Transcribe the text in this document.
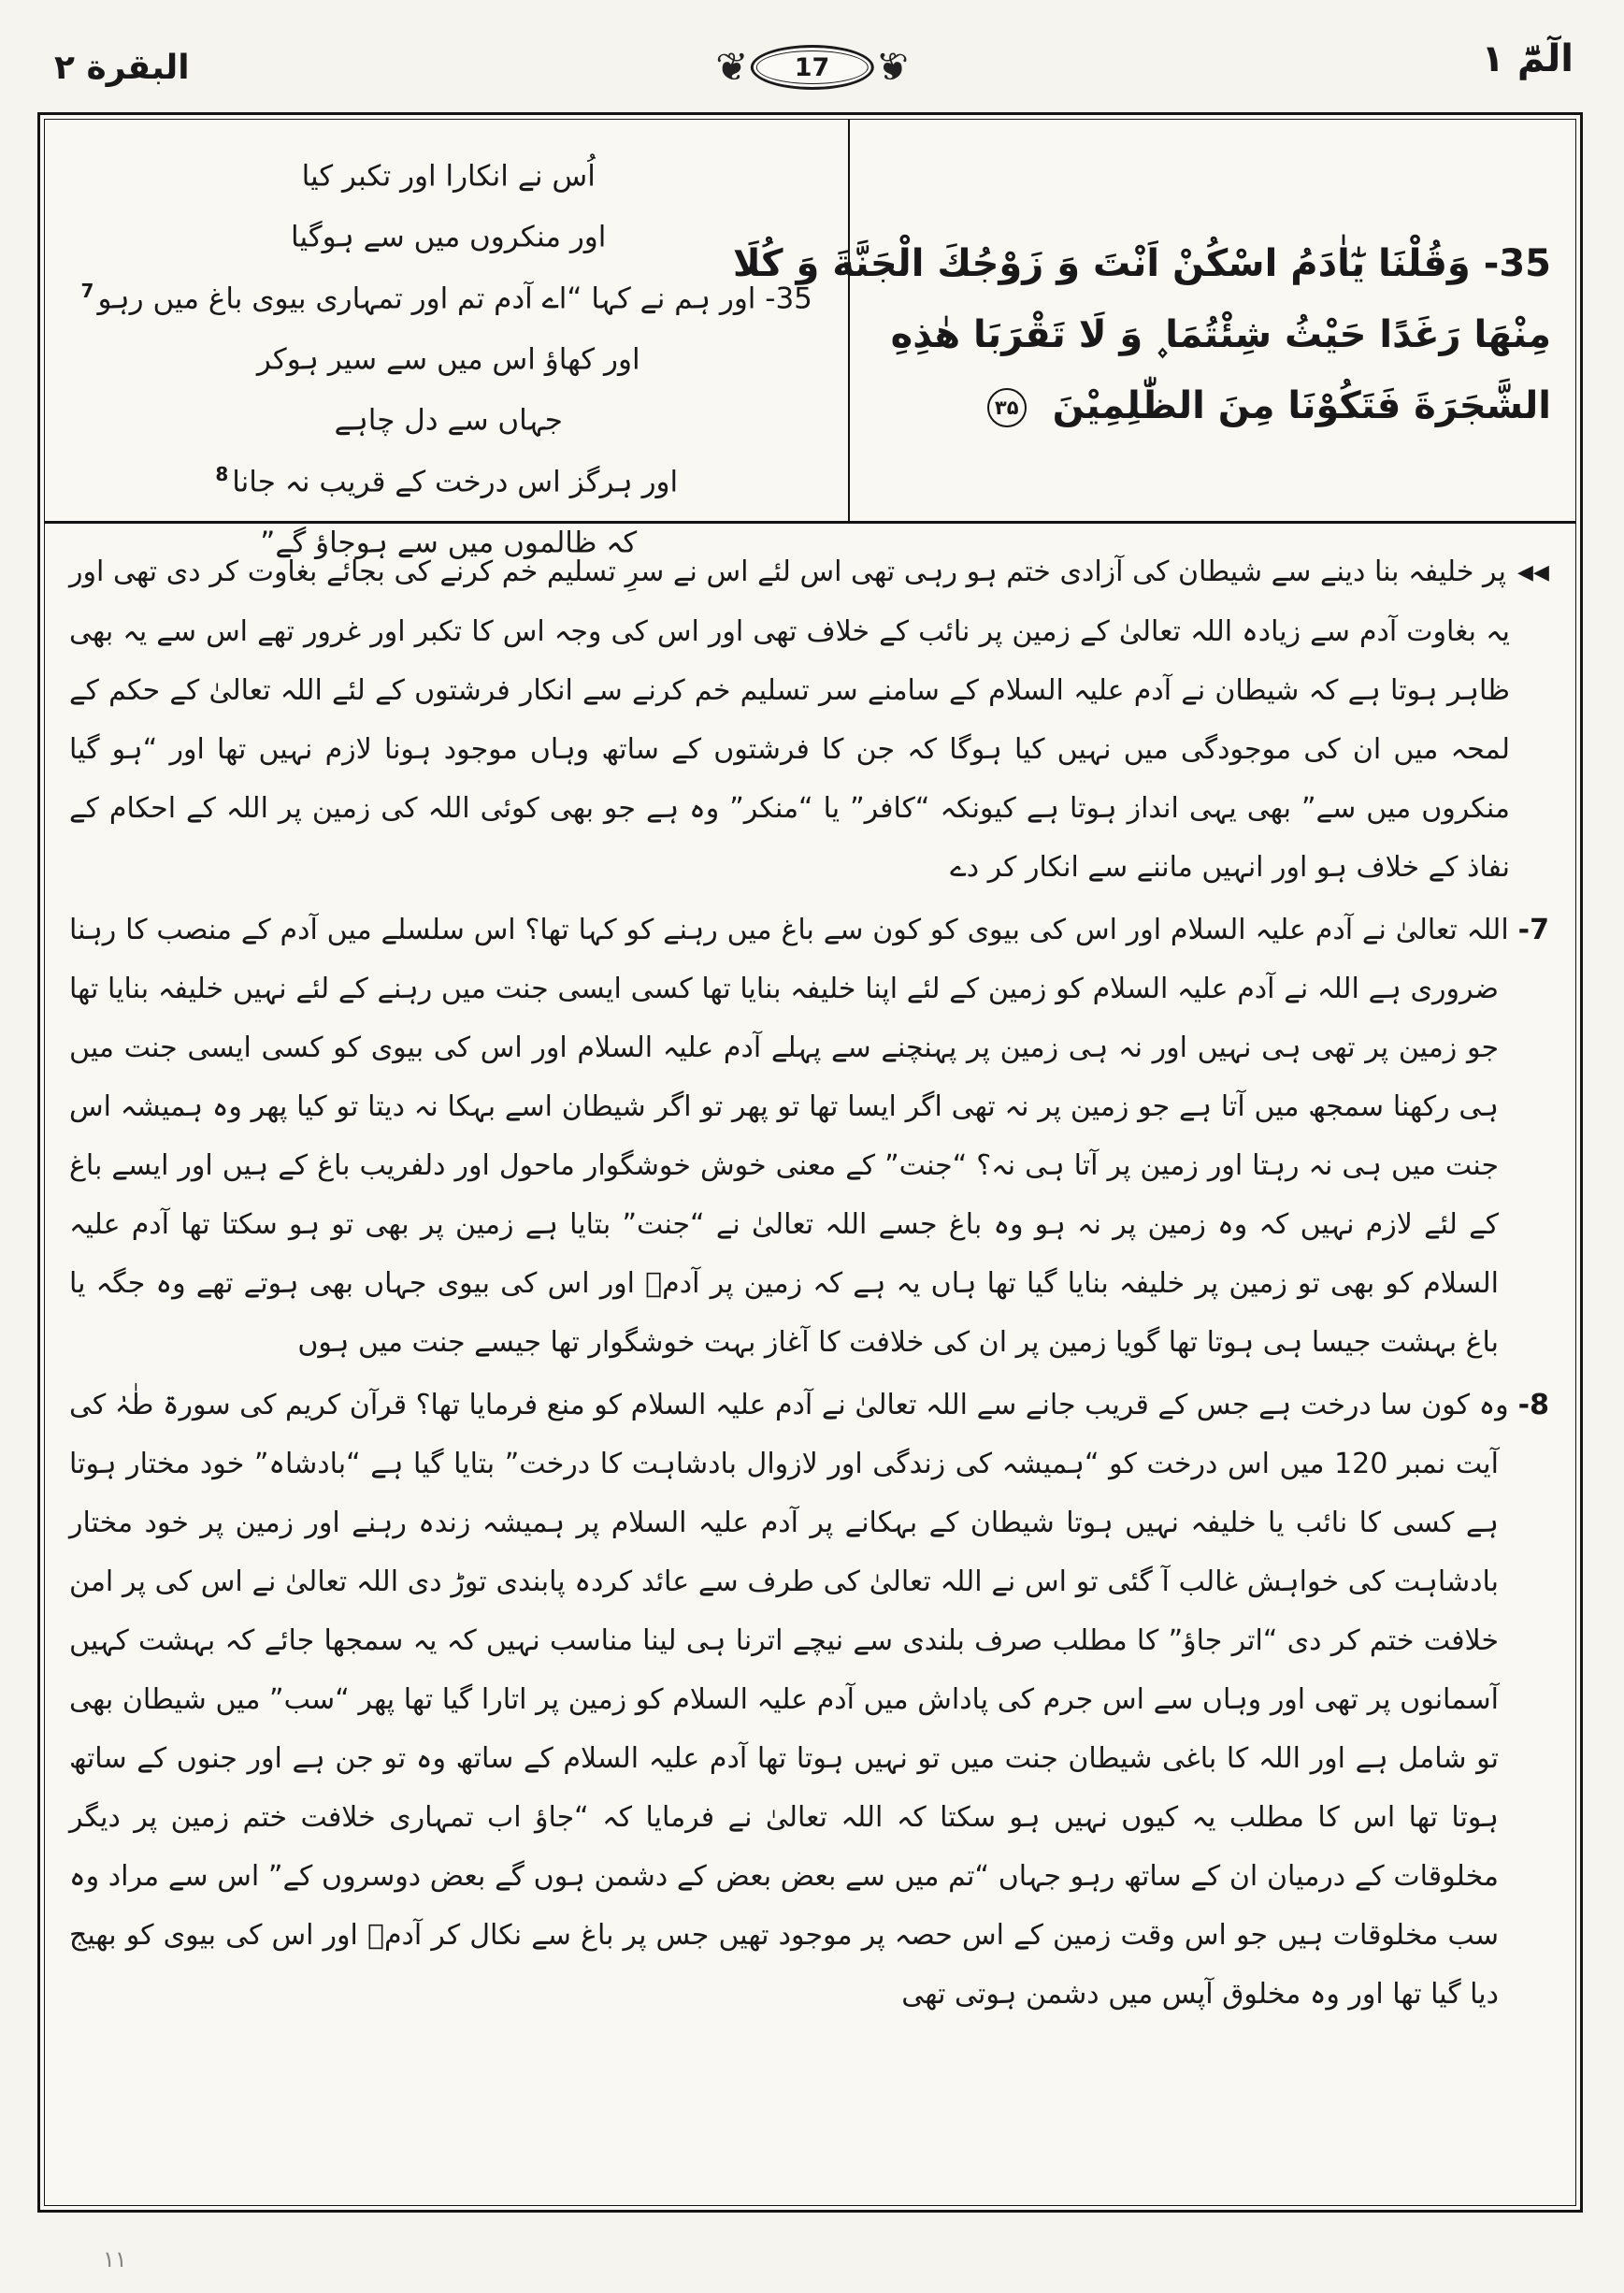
الٓمّٓ ۱
❦ 17 ❦
البقرة ۲
35- وَقُلْنَا يٰٓاٰدَمُ اسْكُنْ اَنْتَ وَ زَوْجُكَ الْجَنَّةَ وَ كُلَا
مِنْهَا رَغَدًا حَيْثُ شِئْتُمَا ۪ وَ لَا تَقْرَبَا هٰذِهِ
الشَّجَرَةَ فَتَكُوْنَا مِنَ الظّٰلِمِيْنَ ۳۵
اُس نے انکارا اور تکبر کیا
اور منکروں میں سے ہوگیا
35- اور ہم نے کہا “اے آدم تم اور تمہاری بیوی باغ میں رہو$^7$
اور کھاؤ اس میں سے سیر ہوکر
جہاں سے دل چاہے
اور ہرگز اس درخت کے قریب نہ جانا$^8$
کہ ظالموں میں سے ہوجاؤ گے”

◀◀پر خلیفہ بنا دینے سے شیطان کی آزادی ختم ہو رہی تھی اس لئے اس نے سرِ تسلیم خم کرنے کی بجائے بغاوت کر دی تھی اور یہ بغاوت آدم سے زیادہ اللہ تعالیٰ کے زمین پر نائب کے خلاف تھی اور اس کی وجہ اس کا تکبر اور غرور تھے اس سے یہ بھی ظاہر ہوتا ہے کہ شیطان نے آدم علیہ السلام کے سامنے سر تسلیم خم کرنے سے انکار فرشتوں کے لئے اللہ تعالیٰ کے حکم کے لمحہ میں ان کی موجودگی میں نہیں کیا ہوگا کہ جن کا فرشتوں کے ساتھ وہاں موجود ہونا لازم نہیں تھا اور “ہو گیا منکروں میں سے” بھی یہی انداز ہوتا ہے کیونکہ “کافر” یا “منکر” وہ ہے جو بھی کوئی اللہ کی زمین پر اللہ کے احکام کے نفاذ کے خلاف ہو اور انہیں ماننے سے انکار کر دے

7-اللہ تعالیٰ نے آدم علیہ السلام اور اس کی بیوی کو کون سے باغ میں رہنے کو کہا تھا؟ اس سلسلے میں آدم کے منصب کا رہنا ضروری ہے اللہ نے آدم علیہ السلام کو زمین کے لئے اپنا خلیفہ بنایا تھا کسی ایسی جنت میں رہنے کے لئے نہیں خلیفہ بنایا تھا جو زمین پر تھی ہی نہیں اور نہ ہی زمین پر پہنچنے سے پہلے آدم علیہ السلام اور اس کی بیوی کو کسی ایسی جنت میں ہی رکھنا سمجھ میں آتا ہے جو زمین پر نہ تھی اگر ایسا تھا تو پھر تو اگر شیطان اسے بہکا نہ دیتا تو کیا پھر وہ ہمیشہ اس جنت میں ہی نہ رہتا اور زمین پر آتا ہی نہ؟ “جنت” کے معنی خوش خوشگوار ماحول اور دلفریب باغ کے ہیں اور ایسے باغ کے لئے لازم نہیں کہ وہ زمین پر نہ ہو وہ باغ جسے اللہ تعالیٰ نے “جنت” بتایا ہے زمین پر بھی تو ہو سکتا تھا آدم علیہ السلام کو بھی تو زمین پر خلیفہ بنایا گیا تھا ہاں یہ ہے کہ زمین پر آدمؑ اور اس کی بیوی جہاں بھی ہوتے تھے وہ جگہ یا باغ بہشت جیسا ہی ہوتا تھا گویا زمین پر ان کی خلافت کا آغاز بہت خوشگوار تھا جیسے جنت میں ہوں

8-وہ کون سا درخت ہے جس کے قریب جانے سے اللہ تعالیٰ نے آدم علیہ السلام کو منع فرمایا تھا؟ قرآن کریم کی سورۃ طٰہٰ کی آیت نمبر 120 میں اس درخت کو “ہمیشہ کی زندگی اور لازوال بادشاہت کا درخت” بتایا گیا ہے “بادشاہ” خود مختار ہوتا ہے کسی کا نائب یا خلیفہ نہیں ہوتا شیطان کے بہکانے پر آدم علیہ السلام پر ہمیشہ زندہ رہنے اور زمین پر خود مختار بادشاہت کی خواہش غالب آ گئی تو اس نے اللہ تعالیٰ کی طرف سے عائد کردہ پابندی توڑ دی اللہ تعالیٰ نے اس کی پر امن خلافت ختم کر دی “اتر جاؤ” کا مطلب صرف بلندی سے نیچے اترنا ہی لینا مناسب نہیں کہ یہ سمجھا جائے کہ بہشت کہیں آسمانوں پر تھی اور وہاں سے اس جرم کی پاداش میں آدم علیہ السلام کو زمین پر اتارا گیا تھا پھر “سب” میں شیطان بھی تو شامل ہے اور اللہ کا باغی شیطان جنت میں تو نہیں ہوتا تھا آدم علیہ السلام کے ساتھ وہ تو جن ہے اور جنوں کے ساتھ ہوتا تھا اس کا مطلب یہ کیوں نہیں ہو سکتا کہ اللہ تعالیٰ نے فرمایا کہ “جاؤ اب تمہاری خلافت ختم زمین پر دیگر مخلوقات کے درمیان ان کے ساتھ رہو جہاں “تم میں سے بعض بعض کے دشمن ہوں گے بعض دوسروں کے” اس سے مراد وہ سب مخلوقات ہیں جو اس وقت زمین کے اس حصہ پر موجود تھیں جس پر باغ سے نکال کر آدمؑ اور اس کی بیوی کو بھیج دیا گیا تھا اور وہ مخلوق آپس میں دشمن ہوتی تھی

۱۱
